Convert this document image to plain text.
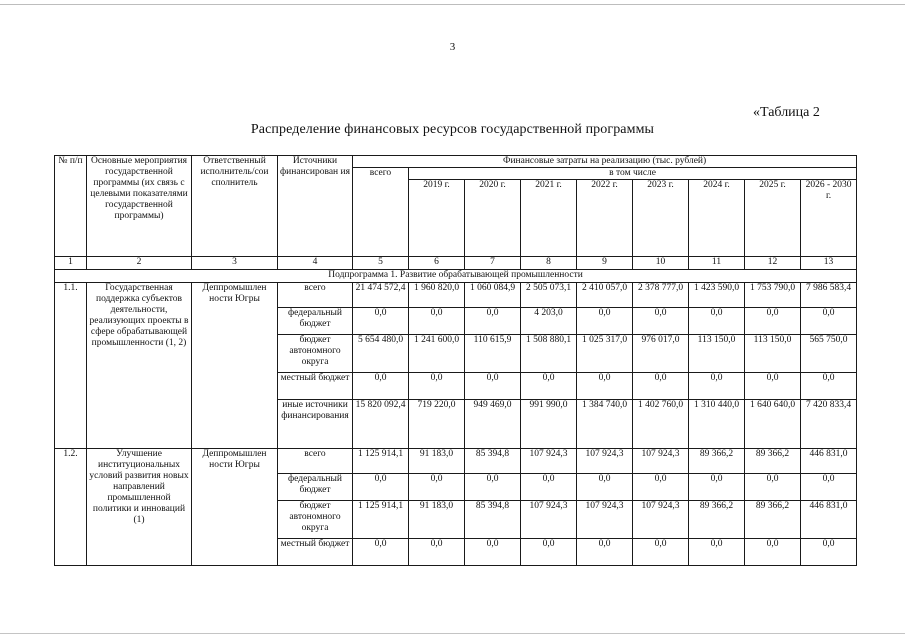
3
«Таблица 2
Распределение финансовых ресурсов государственной программы
№ п/п	Основные мероприятия государственной программы (их связь с целевыми показателями государственной программы)	Ответственный исполнитель/сои сполнитель	Источники финансирован ия	Финансовые затраты на реализацию (тыс. рублей)								
				всего	в том числе							
					2019 г.	2020 г.	2021 г.	2022 г.	2023 г.	2024 г.	2025 г.	2026 - 2030 г.
1	2	3	4	5	6	7	8	9	10	11	12	13
Подпрограмма 1. Развитие обрабатывающей промышленности												
1.1.	Государственная поддержка субъектов деятельности, реализующих проекты в сфере обрабатывающей промышленности (1, 2)	Деппромышлен ности Югры	всего	21 474 572,4	1 960 820,0	1 060 084,9	2 505 073,1	2 410 057,0	2 378 777,0	1 423 590,0	1 753 790,0	7 986 583,4
			федеральный бюджет	0,0	0,0	0,0	4 203,0	0,0	0,0	0,0	0,0	0,0
			бюджет автономного округа	5 654 480,0	1 241 600,0	110 615,9	1 508 880,1	1 025 317,0	976 017,0	113 150,0	113 150,0	565 750,0
			местный бюджет	0,0	0,0	0,0	0,0	0,0	0,0	0,0	0,0	0,0
			иные источники финансирования	15 820 092,4	719 220,0	949 469,0	991 990,0	1 384 740,0	1 402 760,0	1 310 440,0	1 640 640,0	7 420 833,4
1.2.	Улучшение институциональных условий развития новых направлений промышленной политики и инноваций (1)	Деппромышлен ности Югры	всего	1 125 914,1	91 183,0	85 394,8	107 924,3	107 924,3	107 924,3	89 366,2	89 366,2	446 831,0
			федеральный бюджет	0,0	0,0	0,0	0,0	0,0	0,0	0,0	0,0	0,0
			бюджет автономного округа	1 125 914,1	91 183,0	85 394,8	107 924,3	107 924,3	107 924,3	89 366,2	89 366,2	446 831,0
			местный бюджет	0,0	0,0	0,0	0,0	0,0	0,0	0,0	0,0	0,0
